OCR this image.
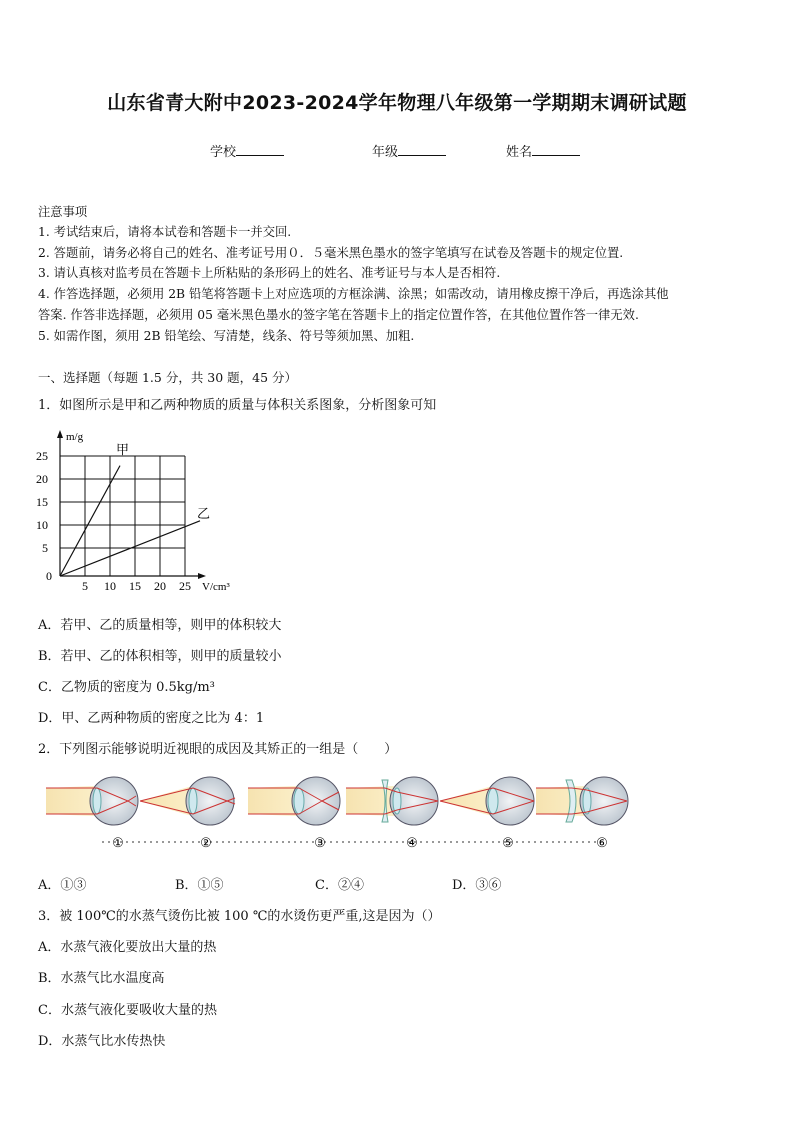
山东省青大附中2023-2024学年物理八年级第一学期期末调研试题
学校	年级	姓名
注意事项
1. 考试结束后，请将本试卷和答题卡一并交回.
2. 答题前，请务必将自己的姓名、准考证号用０．５毫米黑色墨水的签字笔填写在试卷及答题卡的规定位置.
3. 请认真核对监考员在答题卡上所粘贴的条形码上的姓名、准考证号与本人是否相符.
4. 作答选择题，必须用 2B 铅笔将答题卡上对应选项的方框涂满、涂黑；如需改动，请用橡皮擦干净后，再选涂其他
答案. 作答非选择题，必须用 05 毫米黑色墨水的签字笔在答题卡上的指定位置作答，在其他位置作答一律无效.
5. 如需作图，须用 2B 铅笔绘、写清楚，线条、符号等须加黑、加粗.
一、选择题（每题 1.5 分，共 30 题，45 分）
1．如图所示是甲和乙两种物质的质量与体积关系图象，分析图象可知
m/g
V/cm³
25
20
15
10
5
0
5 10 15 20 25
甲
乙
A．若甲、乙的质量相等，则甲的体积较大
B．若甲、乙的体积相等，则甲的质量较小
C．乙物质的密度为 0.5kg/m³
D．甲、乙两种物质的密度之比为 4：1
2．下列图示能够说明近视眼的成因及其矫正的一组是（　　）
①	②	③	④	⑤	⑥
A．①③	B．①⑤	C．②④	D．③⑥
3．被 100℃的水蒸气烫伤比被 100 ℃的水烫伤更严重,这是因为（）
A．水蒸气液化要放出大量的热
B．水蒸气比水温度高
C．水蒸气液化要吸收大量的热
D．水蒸气比水传热快
